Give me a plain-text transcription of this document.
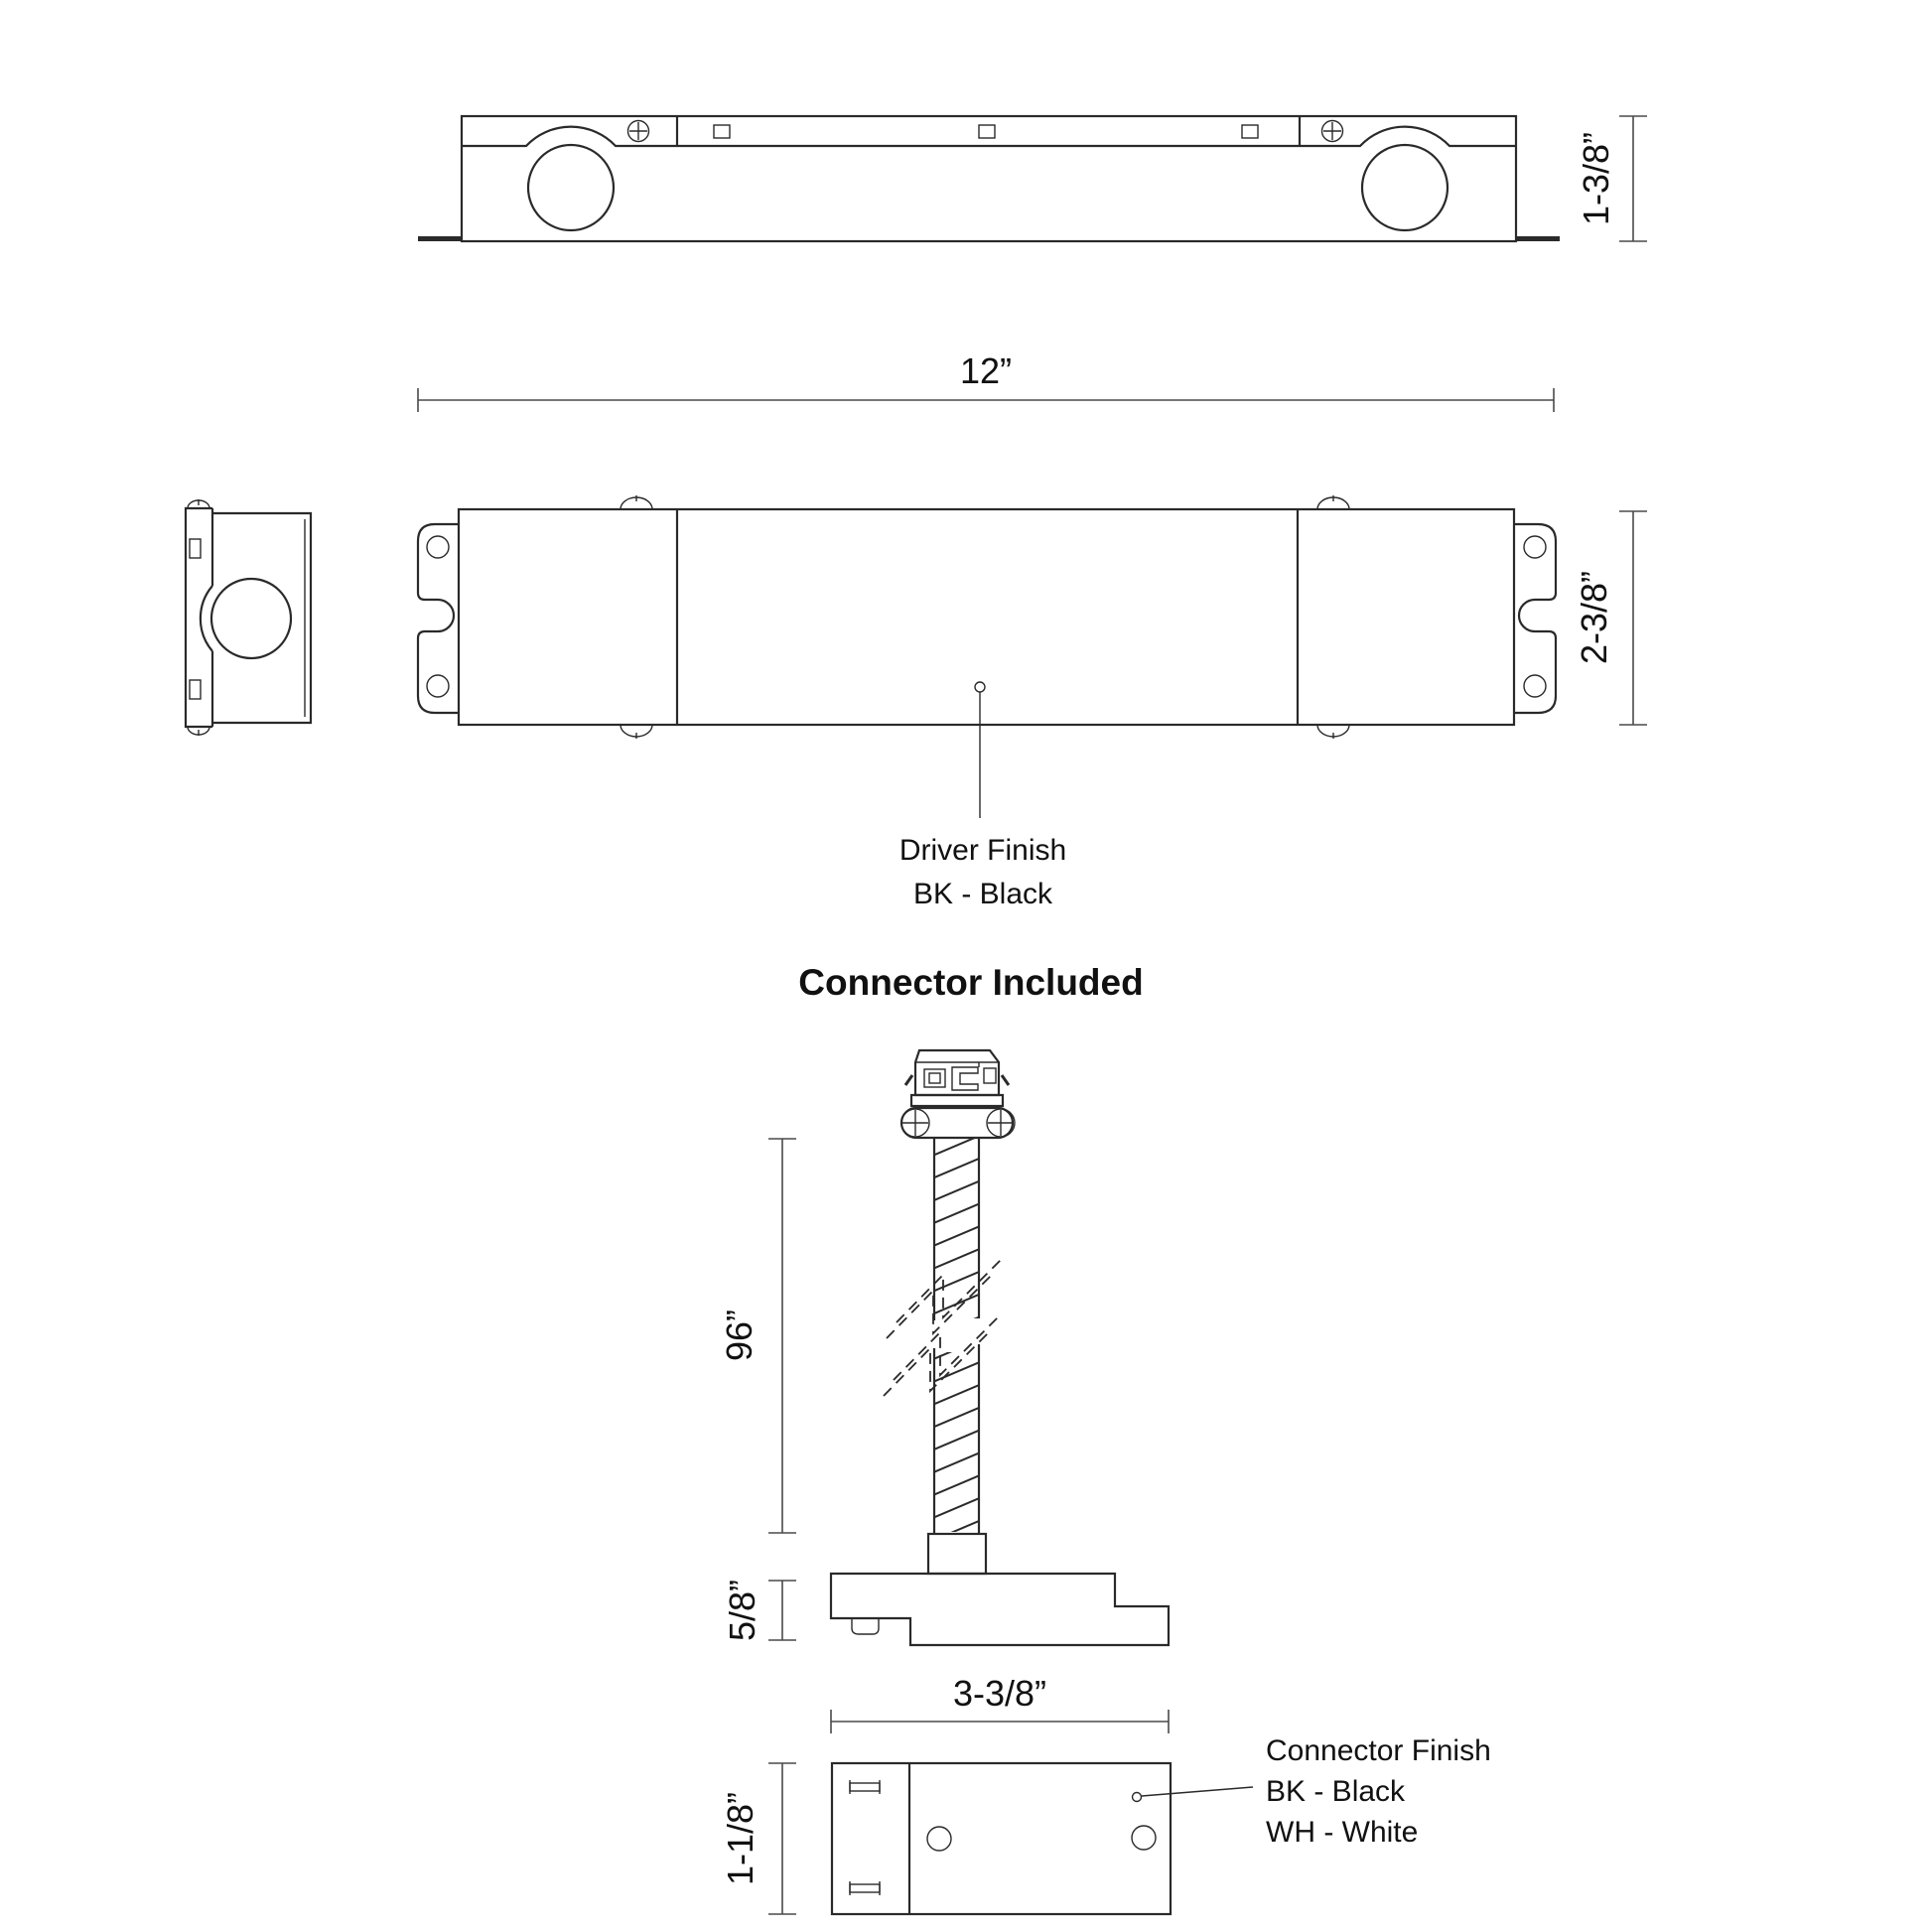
1-3/8”
12”
2-3/8”
Driver Finish
BK - Black
Connector Included
96”
5/8”
3-3/8”
1-1/8”
Connector Finish
BK - Black
WH - White
